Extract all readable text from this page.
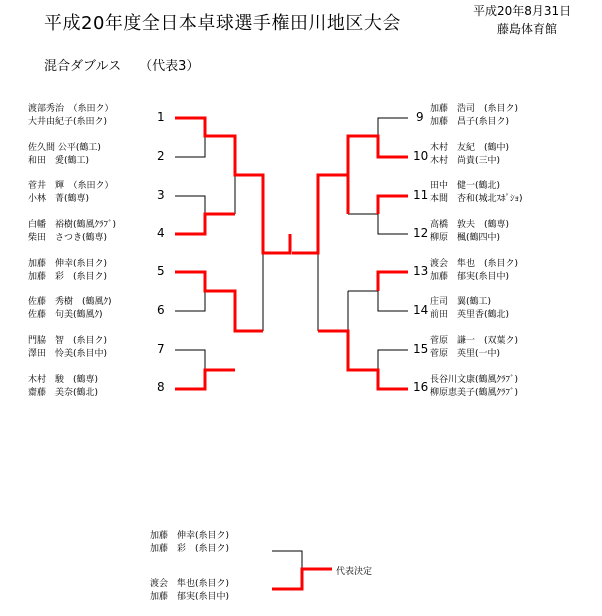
平成20年度全日本卓球選手権田川地区大会
平成20年8月31日
藤島体育館
混合ダブルス （代表3）
渡部秀治　（糸田ク）
大井由紀子(糸田ク)	1
佐久間 公平(鶴工)
和田　愛(鶴工)	2
菅井　輝　（糸田ク）
小林　菁(鶴専)	3
白幡　裕樹(鶴風ｸﾗﾌﾞ)
柴田　さつき(鶴専)	4
加藤　伸幸(糸目ク)
加藤　彩　(糸目ク)	5
佐藤　秀樹　(鶴風ｸ)
佐藤　句美(鶴風ｸ)	6
門脇　智　(糸目ク)
澤田　怜美(糸目中)	7
木村　駿　(鶴専)
齋藤　美奈(鶴北)	8
9
加藤　浩司　(糸目ク)
加藤　昌子(糸目ク)
10
木村　友紀　(鶴中)
木村　尚貴(三中)
11
田中　健一(鶴北)
本間　杏和(城北ｽﾎﾟｼｮ)
12
高橋　敦夫　(鶴専)
柳原　楓(鶴四中)
13 渡会　隼也　(糸目ク)
加藤　郁実(糸目中)
14
庄司　翼(鶴工)
前田　英里香(鶴北)
15
菅原　謙一　(双葉ク)
菅原　英里(一中)
16 長谷川文康(鶴風ｸﾗﾌﾞ)
柳原恵美子(鶴風ｸﾗﾌﾞ)
加藤　伸幸(糸目ク)
加藤　彩　(糸目ク)
渡会　隼也(糸目ク)
加藤　郁実(糸目中)
代表決定
